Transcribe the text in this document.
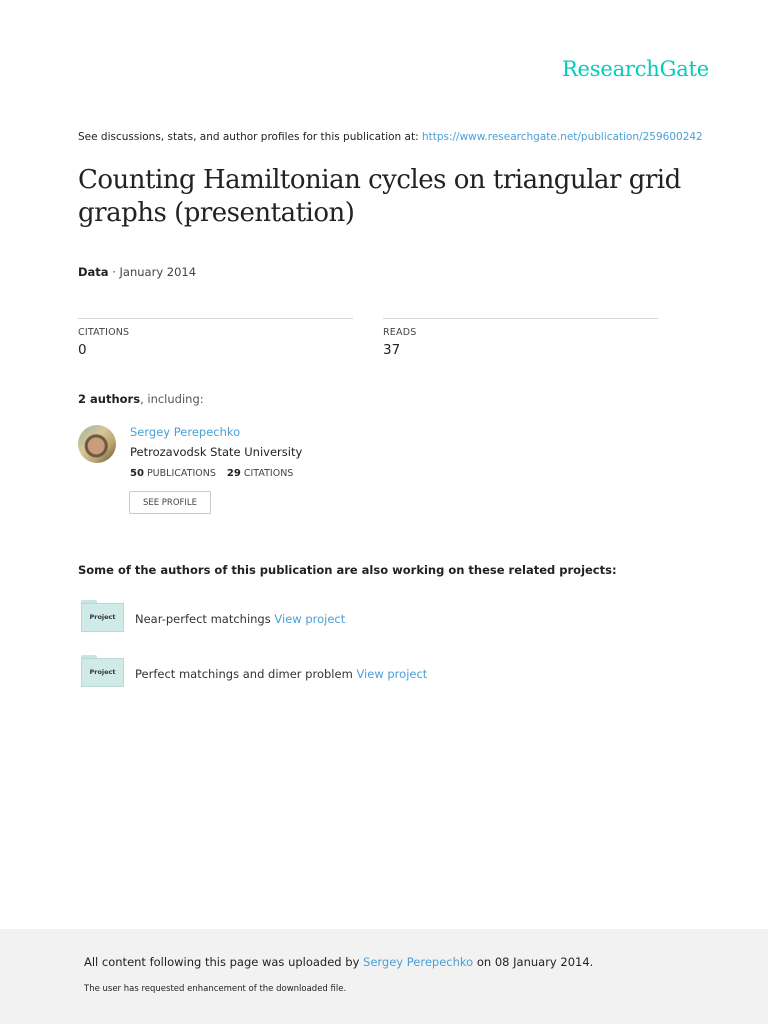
ResearchGate
See discussions, stats, and author profiles for this publication at: https://www.researchgate.net/publication/259600242
Counting Hamiltonian cycles on triangular grid graphs (presentation)
Data · January 2014
CITATIONS
0
READS
37
2 authors, including:
Sergey Perepechko
Petrozavodsk State University
50 PUBLICATIONS 29 CITATIONS
SEE PROFILE
Some of the authors of this publication are also working on these related projects:
Project	Near-perfect matchings View project
Project	Perfect matchings and dimer problem View project
All content following this page was uploaded by Sergey Perepechko on 08 January 2014.
The user has requested enhancement of the downloaded file.
